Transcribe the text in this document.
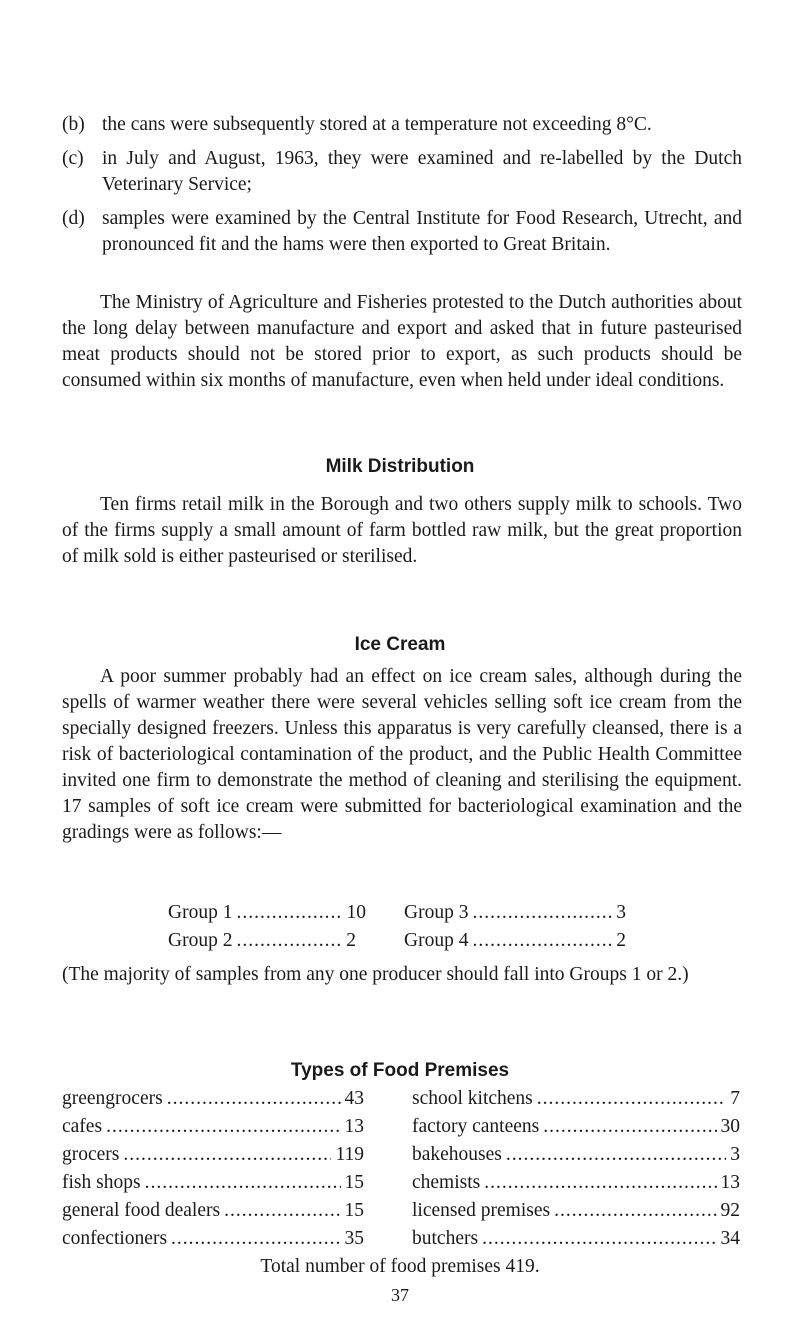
(b) the cans were subsequently stored at a temperature not exceeding 8°C.
(c) in July and August, 1963, they were examined and re-labelled by the Dutch Veterinary Service;
(d) samples were examined by the Central Institute for Food Research, Utrecht, and pronounced fit and the hams were then exported to Great Britain.

The Ministry of Agriculture and Fisheries protested to the Dutch authorities about the long delay between manufacture and export and asked that in future pasteurised meat products should not be stored prior to export, as such products should be consumed within six months of manufacture, even when held under ideal conditions.

Milk Distribution

Ten firms retail milk in the Borough and two others supply milk to schools. Two of the firms supply a small amount of farm bottled raw milk, but the great proportion of milk sold is either pasteurised or sterilised.

Ice Cream

A poor summer probably had an effect on ice cream sales, although during the spells of warmer weather there were several vehicles selling soft ice cream from the specially designed freezers. Unless this apparatus is very carefully cleansed, there is a risk of bacteriological contamination of the product, and the Public Health Committee invited one firm to demonstrate the method of cleaning and sterilising the equipment. 17 samples of soft ice cream were submitted for bacteriological examination and the gradings were as follows:—

Group 1 .....	10
Group 2 .....	2
Group 3 .....	3
Group 4 .....	2

(The majority of samples from any one producer should fall into Groups 1 or 2.)

Types of Food Premises
greengrocers .....	43
cafes .....	13
grocers .....	119
fish shops .....	15
general food dealers .....	15
confectioners .....	35
school kitchens .....	7
factory canteens .....	30
bakehouses .....	3
chemists .....	13
licensed premises .....	92
butchers .....	34
Total number of food premises 419.
37
